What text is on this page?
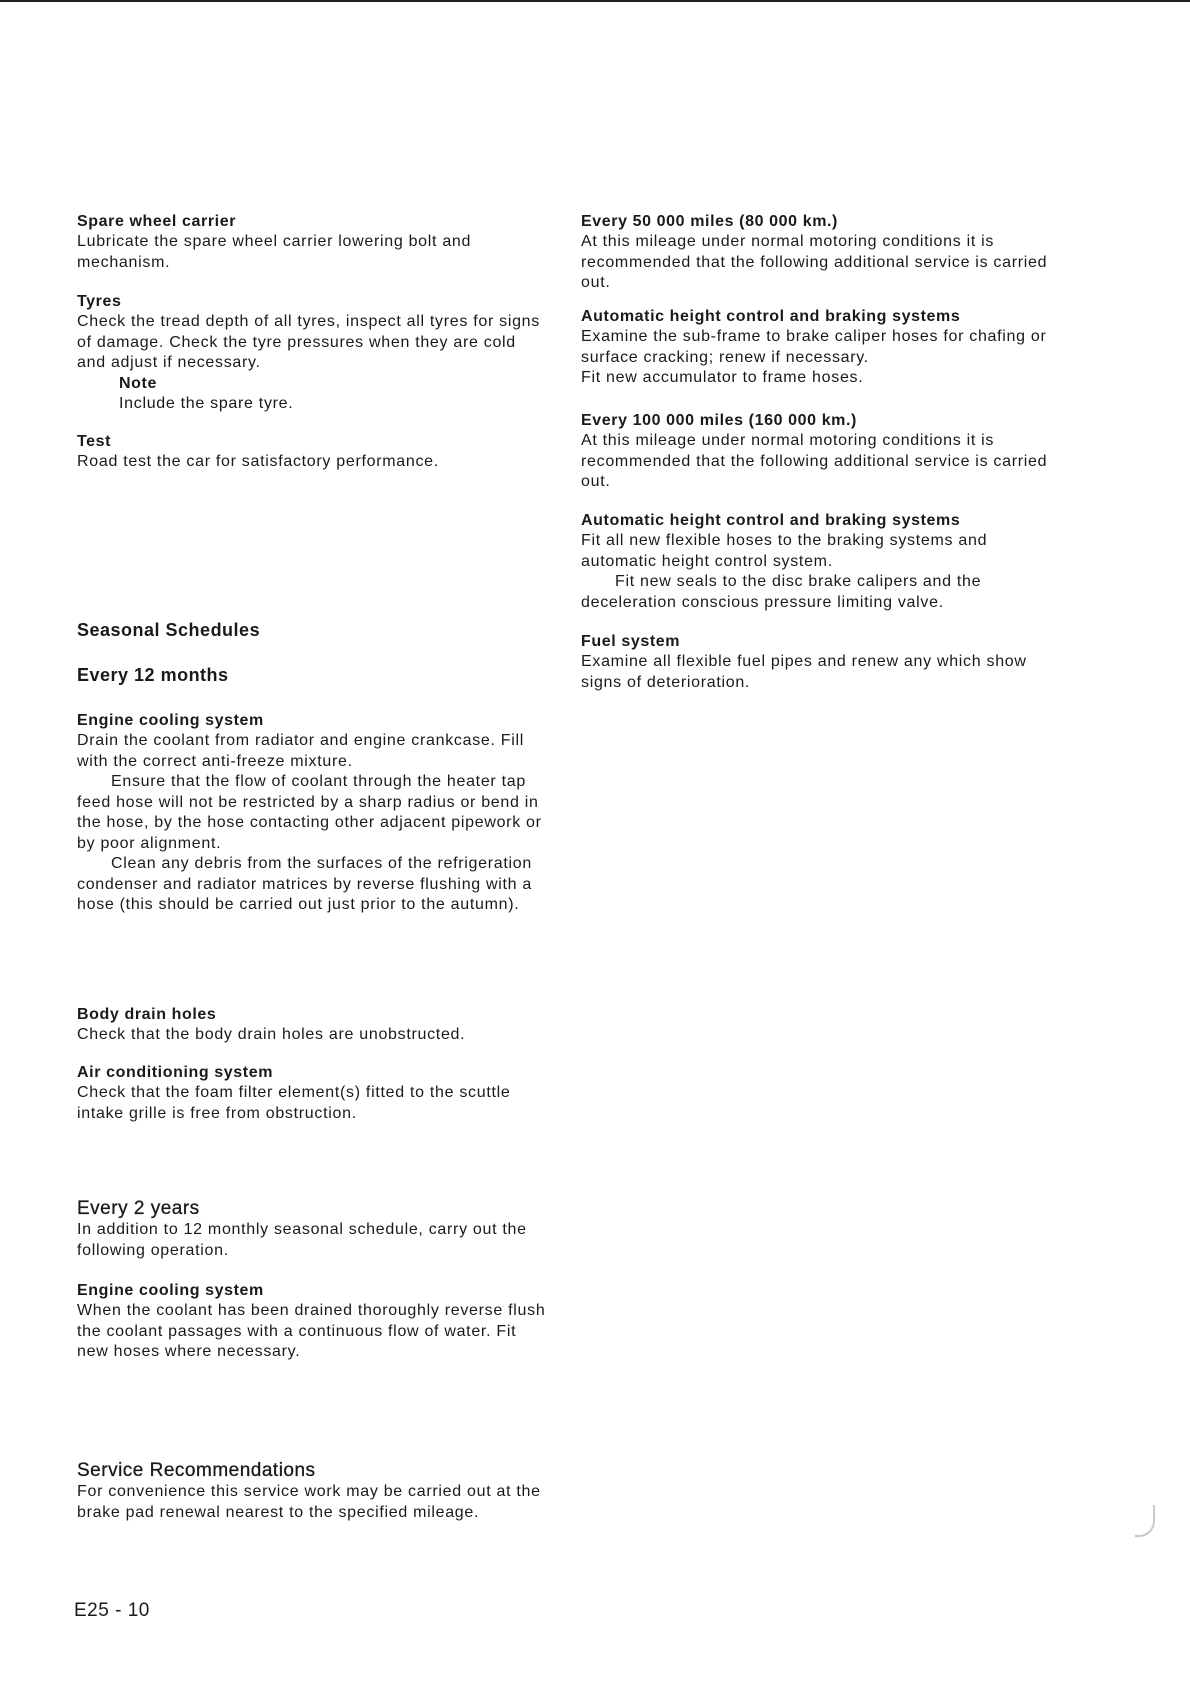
Spare wheel carrier

Lubricate the spare wheel carrier lowering bolt and mechanism.

Tyres

Check the tread depth of all tyres, inspect all tyres for signs of damage. Check the tyre pressures when they are cold and adjust if necessary.

Note

Include the spare tyre.

Test

Road test the car for satisfactory performance.

Seasonal Schedules

Every 12 months

Engine cooling system

Drain the coolant from radiator and engine crankcase. Fill with the correct anti-freeze mixture.

Ensure that the flow of coolant through the heater tap feed hose will not be restricted by a sharp radius or bend in the hose, by the hose contacting other adjacent pipework or by poor alignment.

Clean any debris from the surfaces of the refrigeration condenser and radiator matrices by reverse flushing with a hose (this should be carried out just prior to the autumn).

Body drain holes

Check that the body drain holes are unobstructed.

Air conditioning system

Check that the foam filter element(s) fitted to the scuttle intake grille is free from obstruction.

Every 2 years

In addition to 12 monthly seasonal schedule, carry out the following operation.

Engine cooling system

When the coolant has been drained thoroughly reverse flush the coolant passages with a continuous flow of water. Fit new hoses where necessary.

Service Recommendations

For convenience this service work may be carried out at the brake pad renewal nearest to the specified mileage.

Every 50 000 miles (80 000 km.)

At this mileage under normal motoring conditions it is recommended that the following additional service is carried out.

Automatic height control and braking systems

Examine the sub-frame to brake caliper hoses for chafing or surface cracking; renew if necessary.

Fit new accumulator to frame hoses.

Every 100 000 miles (160 000 km.)

At this mileage under normal motoring conditions it is recommended that the following additional service is carried out.

Automatic height control and braking systems

Fit all new flexible hoses to the braking systems and automatic height control system.

Fit new seals to the disc brake calipers and the deceleration conscious pressure limiting valve.

Fuel system

Examine all flexible fuel pipes and renew any which show signs of deterioration.

E25 - 10
